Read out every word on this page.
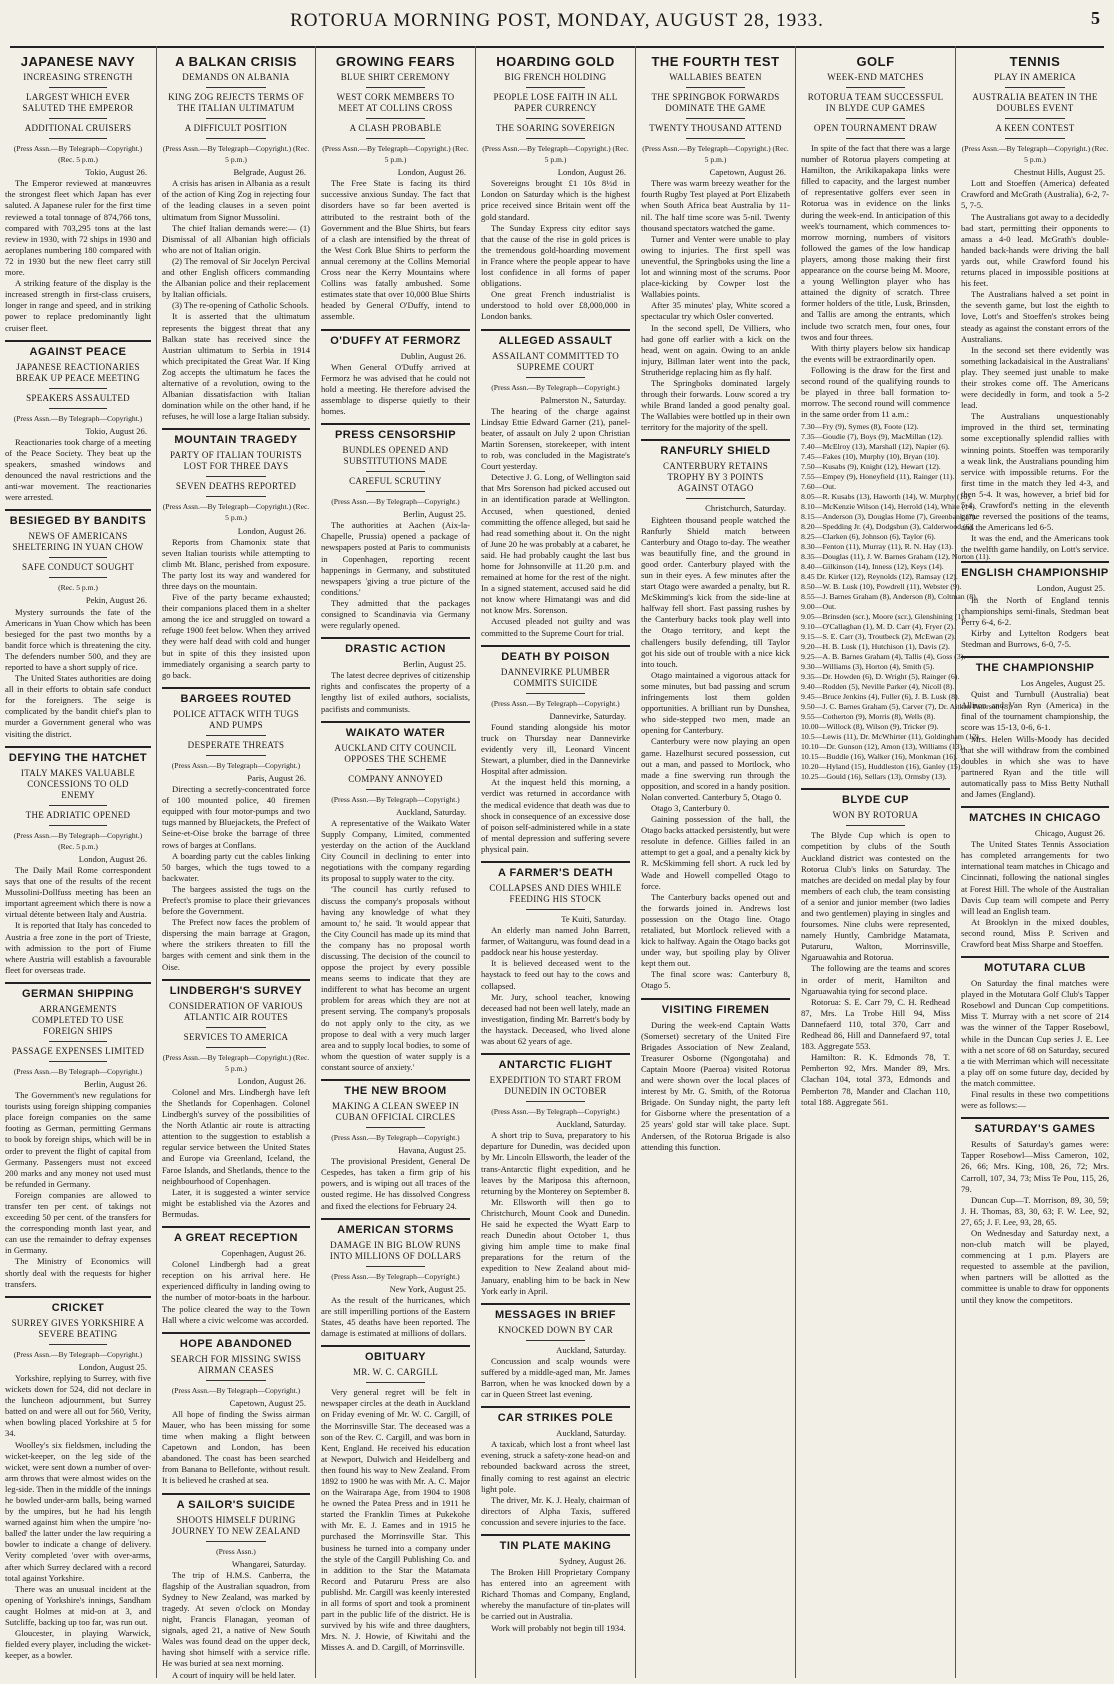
ROTORUA MORNING POST, MONDAY, AUGUST 28, 1933.	5
JAPANESE NAVY
INCREASING STRENGTH
LARGEST WHICH EVER SALUTED THE EMPEROR
ADDITIONAL CRUISERS
(Press Assn.—By Telegraph—Copyright.) (Rec. 5 p.m.)
Tokio, August 26.

The Emperor reviewed at manœuvres the strongest fleet which Japan has ever saluted. A Japanese ruler for the first time reviewed a total tonnage of 874,766 tons, compared with 703,295 tons at the last review in 1930, with 72 ships in 1930 and aeroplanes numbering 180 compared with 72 in 1930 but the new fleet carry still more.

A striking feature of the display is the increased strength in first-class cruisers, longer in range and speed, and in striking power to replace predominantly light cruiser fleet.

AGAINST PEACE
JAPANESE REACTIONARIES BREAK UP PEACE MEETING
SPEAKERS ASSAULTED
(Press Assn.—By Telegraph—Copyright.)
Tokio, August 26.

Reactionaries took charge of a meeting of the Peace Society. They beat up the speakers, smashed windows and denounced the naval restrictions and the anti-war movement. The reactionaries were arrested.

BESIEGED BY BANDITS
NEWS OF AMERICANS SHELTERING IN YUAN CHOW
SAFE CONDUCT SOUGHT
(Rec. 5 p.m.)
Pekin, August 26.

Mystery surrounds the fate of the Americans in Yuan Chow which has been besieged for the past two months by a bandit force which is threatening the city. The defenders number 500, and they are reported to have a short supply of rice.

The United States authorities are doing all in their efforts to obtain safe conduct for the foreigners. The seige is complicated by the bandit chief's plan to murder a Government general who was visiting the district.

DEFYING THE HATCHET
ITALY MAKES VALUABLE CONCESSIONS TO OLD ENEMY
THE ADRIATIC OPENED
(Press Assn.—By Telegraph—Copyright.) (Rec. 5 p.m.)
London, August 26.

The Daily Mail Rome correspondent says that one of the results of the recent Mussolini-Dollfuss meeting has been an important agreement which there is now a virtual détente between Italy and Austria.

It is reported that Italy has conceded to Austria a free zone in the port of Trieste, with admission to the port of Fiume where Austria will establish a favourable fleet for overseas trade.

GERMAN SHIPPING
ARRANGEMENTS COMPLETED TO USE FOREIGN SHIPS
PASSAGE EXPENSES LIMITED
(Press Assn.—By Telegraph—Copyright.)
Berlin, August 26.

The Government's new regulations for tourists using foreign shipping companies place foreign companies on the same footing as German, permitting Germans to book by foreign ships, which will be in order to prevent the flight of capital from Germany. Passengers must not exceed 200 marks and any money not used must be refunded in Germany.

Foreign companies are allowed to transfer ten per cent. of takings not exceeding 50 per cent. of the transfers for the corresponding month last year, and can use the remainder to defray expenses in Germany.

The Ministry of Economics will shortly deal with the requests for higher transfers.

CRICKET
SURREY GIVES YORKSHIRE A SEVERE BEATING
(Press Assn.—By Telegraph—Copyright.)
London, August 25.

Yorkshire, replying to Surrey, with five wickets down for 524, did not declare in the luncheon adjournment, but Surrey batted on and were all out for 560, Verity, when bowling placed Yorkshire at 5 for 34.

Woolley's six fieldsmen, including the wicket-keeper, on the leg side of the wicket, were sent down a number of over-arm throws that were almost wides on the leg-side. Then in the middle of the innings he bowled under-arm balls, being warned by the umpires, but he had his length warned against him when the umpire 'no-balled' the latter under the law requiring a bowler to indicate a change of delivery. Verity completed 'over with over-arms, after which Surrey declared with a record total against Yorkshire.

There was an unusual incident at the opening of Yorkshire's innings, Sandham caught Holmes at mid-on at 3, and Sutcliffe, backing up too far, was run out.

Gloucester, in playing Warwick, fielded every player, including the wicket-keeper, as a bowler.

A BALKAN CRISIS
DEMANDS ON ALBANIA
KING ZOG REJECTS TERMS OF THE ITALIAN ULTIMATUM
A DIFFICULT POSITION
(Press Assn.—By Telegraph—Copyright.) (Rec. 5 p.m.)
Belgrade, August 26.

A crisis has arisen in Albania as a result of the action of King Zog in rejecting four of the leading clauses in a seven point ultimatum from Signor Mussolini.

The chief Italian demands were:— (1) Dismissal of all Albanian high officials who are not of Italian origin.

(2) The removal of Sir Jocelyn Percival and other English officers commanding the Albanian police and their replacement by Italian officials.

(3) The re-opening of Catholic Schools.

It is asserted that the ultimatum represents the biggest threat that any Balkan state has received since the Austrian ultimatum to Serbia in 1914 which precipitated the Great War. If King Zog accepts the ultimatum he faces the alternative of a revolution, owing to the Albanian dissatisfaction with Italian domination while on the other hand, if he refuses, he will lose a large Italian subsidy.

MOUNTAIN TRAGEDY
PARTY OF ITALIAN TOURISTS LOST FOR THREE DAYS
SEVEN DEATHS REPORTED
(Press Assn.—By Telegraph—Copyright.) (Rec. 5 p.m.)
London, August 26.

Reports from Chamonix state that seven Italian tourists while attempting to climb Mt. Blanc, perished from exposure. The party lost its way and wandered for three days on the mountain.

Five of the party became exhausted; their companions placed them in a shelter among the ice and struggled on toward a refuge 1900 feet below. When they arrived they were half dead with cold and hunger but in spite of this they insisted upon immediately organising a search party to go back.

BARGEES ROUTED
POLICE ATTACK WITH TUGS AND PUMPS
DESPERATE THREATS
(Press Assn.—By Telegraph—Copyright.)
Paris, August 26.

Directing a secretly-concentrated force of 100 mounted police, 40 firemen equipped with four motor-pumps and two tugs manned by Bluejackets, the Prefect of Seine-et-Oise broke the barrage of three rows of barges at Conflans.

A boarding party cut the cables linking 50 barges, which the tugs towed to a backwater.

The bargees assisted the tugs on the Prefect's promise to place their grievances before the Government.

The Prefect now faces the problem of dispersing the main barrage at Gragon, where the strikers threaten to fill the barges with cement and sink them in the Oise.

LINDBERGH'S SURVEY
CONSIDERATION OF VARIOUS ATLANTIC AIR ROUTES
SERVICES TO AMERICA
(Press Assn.—By Telegraph—Copyright.) (Rec. 5 p.m.)
London, August 26.

Colonel and Mrs. Lindbergh have left the Shetlands for Copenhagen. Colonel Lindbergh's survey of the possibilities of the North Atlantic air route is attracting attention to the suggestion to establish a regular service between the United States and Europe via Greenland, Iceland, the Faroe Islands, and Shetlands, thence to the neighbourhood of Copenhagen.

Later, it is suggested a winter service might be established via the Azores and Bermudas.

A GREAT RECEPTION
Copenhagen, August 26.

Colonel Lindbergh had a great reception on his arrival here. He experienced difficulty in landing owing to the number of motor-boats in the harbour. The police cleared the way to the Town Hall where a civic welcome was accorded.

HOPE ABANDONED
SEARCH FOR MISSING SWISS AIRMAN CEASES
(Press Assn.—By Telegraph—Copyright.)
Capetown, August 25.

All hope of finding the Swiss airman Mauer, who has been missing for some time when making a flight between Capetown and London, has been abandoned. The coast has been searched from Banana to Bellefonte, without result. It is believed he crashed at sea.

A SAILOR'S SUICIDE
SHOOTS HIMSELF DURING JOURNEY TO NEW ZEALAND
(Press Assn.)
Whangarei, Saturday.

The trip of H.M.S. Canberra, the flagship of the Australian squadron, from Sydney to New Zealand, was marked by tragedy. At seven o'clock on Monday night, Francis Flanagan, yeoman of signals, aged 21, a native of New South Wales was found dead on the upper deck, having shot himself with a service rifle. He was buried at sea next morning.

A court of inquiry will be held later.

GROWING FEARS
BLUE SHIRT CEREMONY
WEST CORK MEMBERS TO MEET AT COLLINS CROSS
A CLASH PROBABLE
(Press Assn.—By Telegraph—Copyright.) (Rec. 5 p.m.)
London, August 26.

The Free State is facing its third successive anxious Sunday. The fact that disorders have so far been averted is attributed to the restraint both of the Government and the Blue Shirts, but fears of a clash are intensified by the threat of the West Cork Blue Shirts to perform the annual ceremony at the Collins Memorial Cross near the Kerry Mountains where Collins was fatally ambushed. Some estimates state that over 10,000 Blue Shirts headed by General O'Duffy, intend to assemble.

O'DUFFY AT FERMORZ
Dublin, August 26.

When General O'Duffy arrived at Fermorz he was advised that he could not hold a meeting. He therefore advised the assemblage to disperse quietly to their homes.

PRESS CENSORSHIP
BUNDLES OPENED AND SUBSTITUTIONS MADE
CAREFUL SCRUTINY
(Press Assn.—By Telegraph—Copyright.)
Berlin, August 25.

The authorities at Aachen (Aix-la-Chapelle, Prussia) opened a package of newspapers posted at Paris to communists in Copenhagen, reporting recent happenings in Germany, and substituted newspapers 'giving a true picture of the conditions.'

They admitted that the packages consigned to Scandinavia via Germany were regularly opened.

DRASTIC ACTION
Berlin, August 25.

The latest decree deprives of citizenship rights and confiscates the property of a lengthy list of exiled authors, socialists, pacifists and communists.

WAIKATO WATER
AUCKLAND CITY COUNCIL OPPOSES THE SCHEME
COMPANY ANNOYED
(Press Assn.—By Telegraph—Copyright.)
Auckland, Saturday.

A representative of the Waikato Water Supply Company, Limited, commented yesterday on the action of the Auckland City Council in declining to enter into negotiations with the company regarding its proposal to supply water to the city.

'The council has curtly refused to discuss the company's proposals without having any knowledge of what they amount to,' he said. 'It would appear that the City Council has made up its mind that the company has no proposal worth discussing. The decision of the council to oppose the project by every possible means seems to indicate that they are indifferent to what has become an urgent problem for areas which they are not at present serving. The company's proposals do not apply only to the city, as we propose to deal with a very much larger area and to supply local bodies, to some of whom the question of water supply is a constant source of anxiety.'

THE NEW BROOM
MAKING A CLEAN SWEEP IN CUBAN OFFICIAL CIRCLES
(Press Assn.—By Telegraph—Copyright.)
Havana, August 25.

The provisional President, General De Cespedes, has taken a firm grip of his powers, and is wiping out all traces of the ousted regime. He has dissolved Congress and fixed the elections for February 24.

AMERICAN STORMS
DAMAGE IN BIG BLOW RUNS INTO MILLIONS OF DOLLARS
(Press Assn.—By Telegraph—Copyright.)
New York, August 25.

As the result of the hurricanes, which are still imperilling portions of the Eastern States, 45 deaths have been reported. The damage is estimated at millions of dollars.

OBITUARY
MR. W. C. CARGILL

Very general regret will be felt in newspaper circles at the death in Auckland on Friday evening of Mr. W. C. Cargill, of the Morrinsville Star. The deceased was a son of the Rev. C. Cargill, and was born in Kent, England. He received his education at Newport, Dulwich and Heidelberg and then found his way to New Zealand. From 1892 to 1900 he was with Mr. A. C. Major on the Wairarapa Age, from 1904 to 1908 he owned the Patea Press and in 1911 he started the Franklin Times at Pukekohe with Mr. E. J. Eames and in 1915 he purchased the Morrinsville Star. This business he turned into a company under the style of the Cargill Publishing Co. and in addition to the Star the Matamata Record and Putaruru Press are also publishd. Mr. Cargill was keenly interested in all forms of sport and took a prominent part in the public life of the district. He is survived by his wife and three daughters, Mrs. N. J. Howie, of Kiwitahi and the Misses A. and D. Cargill, of Morrinsville.

HOARDING GOLD
BIG FRENCH HOLDING
PEOPLE LOSE FAITH IN ALL PAPER CURRENCY
THE SOARING SOVEREIGN
(Press Assn.—By Telegraph—Copyright.) (Rec. 5 p.m.)
London, August 26.

Sovereigns brought £1 10s 8½d in London on Saturday which is the highest price received since Britain went off the gold standard.

The Sunday Express city editor says that the cause of the rise in gold prices is the tremendous gold-hoarding movement in France where the people appear to have lost confidence in all forms of paper obligations.

One great French industrialist is understood to hold over £8,000,000 in London banks.

ALLEGED ASSAULT
ASSAILANT COMMITTED TO SUPREME COURT
(Press Assn.—By Telegraph—Copyright.)
Palmerston N., Saturday.

The hearing of the charge against Lindsay Ettie Edward Garner (21), panel-beater, of assault on July 2 upon Christian Martin Sorensen, storekeeper, with intent to rob, was concluded in the Magistrate's Court yesterday.

Detective J. G. Long, of Wellington said that Mrs Sorenson had picked accused out in an identification parade at Wellington. Accused, when questioned, denied committing the offence alleged, but said he had read something about it. On the night of June 20 he was probably at a cabaret, he said. He had probably caught the last bus home for Johnsonville at 11.20 p.m. and remained at home for the rest of the night. In a signed statement, accused said he did not know where Himatangi was and did not know Mrs. Sorenson.

Accused pleaded not guilty and was committed to the Supreme Court for trial.

DEATH BY POISON
DANNEVIRKE PLUMBER COMMITS SUICIDE
(Press Assn.—By Telegraph—Copyright.)
Dannevirke, Saturday.

Found standing alongside his motor truck on Thursday near Dannevirke evidently very ill, Leonard Vincent Stewart, a plumber, died in the Dannevirke Hospital after admission.

At the inquest held this morning, a verdict was returned in accordance with the medical evidence that death was due to shock in consequence of an excessive dose of poison self-administered while in a state of mental depression and suffering severe physical pain.

A FARMER'S DEATH
COLLAPSES AND DIES WHILE FEEDING HIS STOCK
Te Kuiti, Saturday.

An elderly man named John Barrett, farmer, of Waitanguru, was found dead in a paddock near his house yesterday.

It is believed deceased went to the haystack to feed out hay to the cows and collapsed.

Mr. Jury, school teacher, knowing deceased had not been well lately, made an investigation, finding Mr. Barrett's body by the haystack. Deceased, who lived alone was about 62 years of age.

ANTARCTIC FLIGHT
EXPEDITION TO START FROM DUNEDIN IN OCTOBER
(Press Assn.—By Telegraph—Copyright.)
Auckland, Saturday.

A short trip to Suva, preparatory to his departure for Dunedin, was decided upon by Mr. Lincoln Ellsworth, the leader of the trans-Antarctic flight expedition, and he leaves by the Mariposa this afternoon, returning by the Monterey on September 8.

Mr. Ellsworth will then go to Christchurch, Mount Cook and Dunedin. He said he expected the Wyatt Earp to reach Dunedin about October 1, thus giving him ample time to make final preparations for the return of the expedition to New Zealand about mid-January, enabling him to be back in New York early in April.

MESSAGES IN BRIEF
KNOCKED DOWN BY CAR
Auckland, Saturday.

Concussion and scalp wounds were suffered by a middle-aged man, Mr. James Barron, when he was knocked down by a car in Queen Street last evening.

CAR STRIKES POLE
Auckland, Saturday.

A taxicab, which lost a front wheel last evening, struck a safety-zone head-on and rebounded backward across the street, finally coming to rest against an electric light pole.

The driver, Mr. K. J. Healy, chairman of directors of Alpha Taxis, suffered concussion and severe injuries to the face.

TIN PLATE MAKING
Sydney, August 26.

The Broken Hill Proprietary Company has entered into an agreement with Richard Thomas and Company, England, whereby the manufacture of tin-plates will be carried out in Australia.

Work will probably not begin till 1934.

THE FOURTH TEST
WALLABIES BEATEN
THE SPRINGBOK FORWARDS DOMINATE THE GAME
TWENTY THOUSAND ATTEND
(Press Assn.—By Telegraph—Copyright.) (Rec. 5 p.m.)
Capetown, August 26.

There was warm breezy weather for the fourth Rugby Test played at Port Elizabeth when South Africa beat Australia by 11-nil. The half time score was 5-nil. Twenty thousand spectators watched the game.

Turner and Venter were unable to play owing to injuries. The first spell was uneventful, the Springboks using the line a lot and winning most of the scrums. Poor place-kicking by Cowper lost the Wallabies points.

After 35 minutes' play, White scored a spectacular try which Osler converted.

In the second spell, De Villiers, who had gone off earlier with a kick on the head, went on again. Owing to an ankle injury, Billman later went into the pack, Strutheridge replacing him as fly half.

The Springboks dominated largely through their forwards. Louw scored a try while Brand landed a good penalty goal. The Wallabies were bottled up in their own territory for the majority of the spell.

RANFURLY SHIELD
CANTERBURY RETAINS TROPHY BY 3 POINTS AGAINST OTAGO
Christchurch, Saturday.

Eighteen thousand people watched the Ranfurly Shield match between Canterbury and Otago to-day. The weather was beautifully fine, and the ground in good order. Canterbury played with the sun in their eyes. A few minutes after the start Otago were awarded a penalty, but R. McSkimming's kick from the side-line at halfway fell short. Fast passing rushes by the Canterbury backs took play well into the Otago territory, and kept the challengers busily defending, till Taylor got his side out of trouble with a nice kick into touch.

Otago maintained a vigorous attack for some minutes, but bad passing and scrum infringements lost them golden opportunities. A brilliant run by Dunshea, who side-stepped two men, made an opening for Canterbury.

Canterbury were now playing an open game. Hazelhurst secured possession, cut out a man, and passed to Mortlock, who made a fine swerving run through the opposition, and scored in a handy position. Nolan converted. Canterbury 5, Otago 0.

Otago 3, Canterbury 0.

Gaining possession of the ball, the Otago backs attacked persistently, but were resolute in defence. Gillies failed in an attempt to get a goal, and a penalty kick by R. McSkimming fell short. A ruck led by Wade and Howell compelled Otago to force.

The Canterbury backs opened out and the forwards joined in. Andrews lost possession on the Otago line. Otago retaliated, but Mortlock relieved with a kick to halfway. Again the Otago backs got under way, but spoiling play by Oliver kept them out.

The final score was: Canterbury 8, Otago 5.

VISITING FIREMEN

During the week-end Captain Watts (Somerset) secretary of the United Fire Brigades Association of New Zealand, Treasurer Osborne (Ngongotaha) and Captain Moore (Paeroa) visited Rotorua and were shown over the local places of interest by Mr. G. Smith, of the Rotorua Brigade. On Sunday night, the party left for Gisborne where the presentation of a 25 years' gold star will take place. Supt. Andersen, of the Rotorua Brigade is also attending this function.

GOLF
WEEK-END MATCHES
ROTORUA TEAM SUCCESSFUL IN BLYDE CUP GAMES
OPEN TOURNAMENT DRAW

In spite of the fact that there was a large number of Rotorua players competing at Hamilton, the Arikikapakapa links were filled to capacity, and the largest number of representative golfers ever seen in Rotorua was in evidence on the links during the week-end. In anticipation of this week's tournament, which commences to-morrow morning, numbers of visitors followed the games of the low handicap players, among those making their first appearance on the course being M. Moore, a young Wellington player who has attained the dignity of scratch. Three former holders of the title, Lusk, Brinsden, and Tallis are among the entrants, which include two scratch men, four ones, four twos and four threes.

With thirty players below six handicap the events will be extraordinarily open.

Following is the draw for the first and second round of the qualifying rounds to be played in three ball formation to-morrow. The second round will commence in the same order from 11 a.m.:

7.30—Fry (9), Symes (8), Foote (12).
7.35—Goudie (7), Boys (9), MacMillan (12).
7.40—McElroy (13), Marshall (12), Napier (6).
7.45—Fakes (10), Murphy (10), Bryan (10).
7.50—Kusabs (9), Knight (12), Hewart (12).
7.55—Empey (9), Honeyfield (11), Rainger (11).
7.60—Out.
8.05—R. Kusabs (13), Haworth (14), W. Murphy (16).
8.10—McKenzie Wilson (14), Herrold (14), White (14).
8.15—Anderson (3), Douglas Home (7), Greenbank (7).
8.20—Spedding Jr. (4), Dodgshun (3), Calderwood (6).
8.25—Clarken (6), Johnson (6), Taylor (6).
8.30—Fenton (11), Murray (11), R. N. Hay (13).
8.35—Douglas (11), J. W. Barnes Graham (12), Norton (11).
8.40—Gilkinson (14), Inness (12), Keys (14).
8.45 Dr. Kirker (12), Reynolds (12), Ramsay (12).
8.50—W. B. Lusk (10), Powdrell (11), Webster (9).
8.55—J. Barnes Graham (8), Anderson (8), Coltman (8).
9.00—Out.
9.05—Brinsden (scr.), Moore (scr.), Glenshining (1).
9.10—O'Callaghan (1), M. D. Carr (4), Fryer (2).
9.15—S. E. Carr (3), Troutbeck (2), McEwan (2).
9.20—H. B. Lusk (1), Hutchison (1), Davis (2).
9.25—A. B. Barnes Graham (4), Tallis (4), Goss (3).
9.30—Williams (3), Horton (4), Smith (5).
9.35—Dr. Howden (6), D. Wright (5), Rainger (6).
9.40—Rodden (5), Neville Parker (4), Nicoll (8).
9.45—Bruce Jenkins (4), Fuller (6), J. B. Lusk (8).
9.50—J. C. Barnes Graham (5), Carver (7), Dr. Aitken Paterson (8).
9.55—Cotherton (9), Morris (8), Wells (8).
10.00—Willock (8), Wilson (9), Tricker (9).
10.5—Lewis (11), Dr. McWhirter (11), Goldingham (12).
10.10—Dr. Gunson (12), Amon (13), Williams (13).
10.15—Buddle (16), Walker (16), Monkman (16).
10.20—Hyland (15), Huddleston (16), Ganley (15).
10.25—Gould (16), Sellars (13), Ormsby (13).
BLYDE CUP
WON BY ROTORUA

The Blyde Cup which is open to competition by clubs of the South Auckland district was contested on the Rotorua Club's links on Saturday. The matches are decided on medal play by four members of each club, the team consisting of a senior and junior member (two ladies and two gentlemen) playing in singles and foursomes. Nine clubs were represented, namely Huntly, Cambridge Matamata, Putaruru, Walton, Morrinsville, Ngaruawahia and Rotorua.

The following are the teams and scores in order of merit, Hamilton and Ngaruawahia tying for second place.

Rotorua: S. E. Carr 79, C. H. Redhead 87, Mrs. La Trobe Hill 94, Miss Dannefaerd 110, total 370, Carr and Redhead 86, Hill and Dannefaerd 97, total 183. Aggregate 553.

Hamilton: R. K. Edmonds 78, T. Pemberton 92, Mrs. Mander 89, Mrs. Clachan 104, total 373, Edmonds and Pemberton 78, Mander and Clachan 110, total 188. Aggregate 561.

TENNIS
PLAY IN AMERICA
AUSTRALIA BEATEN IN THE DOUBLES EVENT
A KEEN CONTEST
(Press Assn.—By Telegraph—Copyright.) (Rec. 5 p.m.)
Chestnut Hills, August 25.

Lott and Stoeffen (America) defeated Crawford and McGrath (Australia), 6-2, 7-5, 7-5.

The Australians got away to a decidedly bad start, permitting their opponents to amass a 4-0 lead. McGrath's double-handed back-hands were driving the ball yards out, while Crawford found his returns placed in impossible positions at his feet.

The Australians halved a set point in the seventh game, but lost the eighth to love, Lott's and Stoeffen's strokes being steady as against the constant errors of the Australians.

In the second set there evidently was something lackadaisical in the Australians' play. They seemed just unable to make their strokes come off. The Americans were decidedly in form, and took a 5-2 lead.

The Australians unquestionably improved in the third set, terminating some exceptionally splendid rallies with winning points. Stoeffen was temporarily a weak link, the Australians pounding him service with impossible returns. For the first time in the match they led 4-3, and then 5-4. It was, however, a brief bid for 5-4. Crawford's netting in the eleventh game reversed the positions of the teams, and the Americans led 6-5.

It was the end, and the Americans took the twelfth game handily, on Lott's service.

ENGLISH CHAMPIONSHIP
London, August 25.

In the North of England tennis championships semi-finals, Stedman beat Perry 6-4, 6-2.

Kirby and Lyttelton Rodgers beat Stedman and Burrows, 6-0, 7-5.

THE CHAMPIONSHIP
Los Angeles, August 25.

Quist and Turnbull (Australia) beat Allison and Van Ryn (America) in the final of the tournament championship, the score was 15-13, 0-6, 6-1.

Mrs. Helen Wills-Moody has decided that she will withdraw from the combined doubles in which she was to have partnered Ryan and the title will automatically pass to Miss Betty Nuthall and James (England).

MATCHES IN CHICAGO
Chicago, August 26.

The United States Tennis Association has completed arrangements for two international team matches in Chicago and Cincinnati, following the national singles at Forest Hill. The whole of the Australian Davis Cup team will compete and Perry will lead an English team.

At Brooklyn in the mixed doubles, second round, Miss P. Scriven and Crawford beat Miss Sharpe and Stoeffen.

MOTUTARA CLUB

On Saturday the final matches were played in the Motutara Golf Club's Tapper Rosebowl and Duncan Cup competitions. Miss T. Murray with a net score of 214 was the winner of the Tapper Rosebowl, while in the Duncan Cup series J. E. Lee with a net score of 68 on Saturday, secured a tie with Merriman which will necessitate a play off on some future day, decided by the match committee.

Final results in these two competitions were as follows:—

SATURDAY'S GAMES

Results of Saturday's games were: Tapper Rosebowl—Miss Cameron, 102, 26, 66; Mrs. King, 108, 26, 72; Mrs. Carroll, 107, 34, 73; Miss Te Pou, 115, 26, 79.

Duncan Cup—T. Morrison, 89, 30, 59; J. H. Thomas, 83, 30, 63; F. W. Lee, 92, 27, 65; J. F. Lee, 93, 28, 65.

On Wednesday and Saturday next, a non-club match will be played, commencing at 1 p.m. Players are requested to assemble at the pavilion, when partners will be allotted as the committee is unable to draw for opponents until they know the competitors.
